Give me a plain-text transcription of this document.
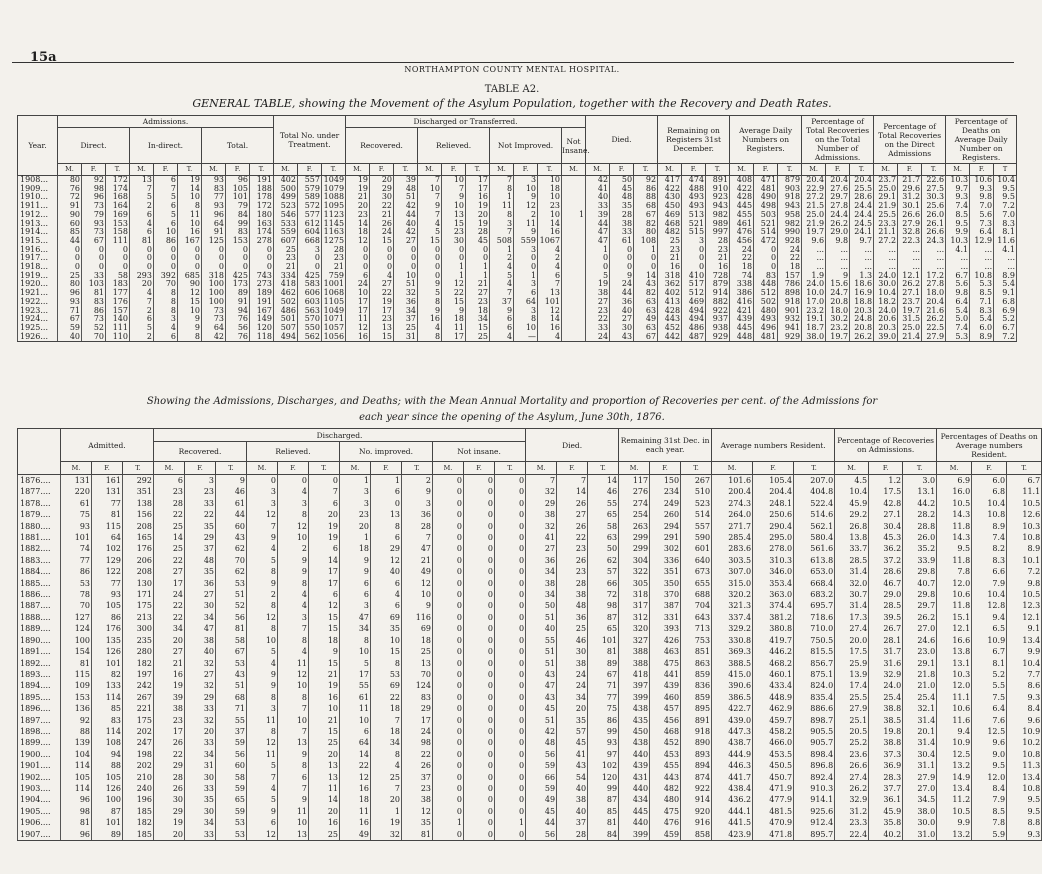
15a
NORTHAMPTON COUNTY MENTAL HOSPITAL.
TABLE A2.
GENERAL TABLE, showing the Movement of the Asylum Population, together with the Recovery and Death Rates.
Year.	Admissions.									Total No. under Treatment.			Discharged or Transferred.										Died.			Remaining on Registers 31st December.			Average Daily Numbers on Registers.			Percentage of Total Recoveries on the Total Number of Admissions.			Percentage of Total Recoveries on the Direct Admissions			Percentage of Deaths on Average Daily Number on Registers.		
	Direct.			In-direct.			Total.						Recovered.			Relieved.			Not Improved.			Not Insane.																		
	M.	F.	T.	M.	F.	T.	M.	F.	T.	M.	F.	T.	M.	F.	T.	M.	F.	T.	M.	F.	T.	M.	M.	F.	T.	M.	F.	T.	M.	F.	T.	M.	F.	T.	M.	F.	T.	M.	F.	T
1908...	80	92	172	13	6	19	93	96	191	402	557	1049	19	20	39	7	10	17	7	3	10		42	50	92	417	474	891	408	471	879	20.4	20.4	20.4	23.7	21.7	22.6	10.3	10.6	10.4
1909...	76	98	174	7	7	14	83	105	188	500	579	1079	19	29	48	10	7	17	8	10	18		41	45	86	422	488	910	422	481	903	22.9	27.6	25.5	25.0	29.6	27.5	9.7	9.3	9.5
1910...	72	96	168	5	5	10	77	101	178	499	589	1088	21	30	51	7	9	16	1	9	10		40	48	88	430	493	923	428	490	918	27.2	29.7	28.6	29.1	31.2	30.3	9.3	9.8	9.5
1911...	91	73	164	2	6	8	93	79	172	523	572	1095	20	22	42	9	10	19	11	12	23		33	35	68	450	493	943	445	498	943	21.5	27.8	24.4	21.9	30.1	25.6	7.4	7.0	7.2
1912...	90	79	169	6	5	11	96	84	180	546	577	1123	23	21	44	7	13	20	8	2	10	1	39	28	67	469	513	982	455	503	958	25.0	24.4	24.4	25.5	26.6	26.0	8.5	5.6	7.0
1913...	60	93	153	4	6	10	64	99	163	533	612	1145	14	26	40	4	15	19	3	11	14		44	38	82	468	521	989	461	521	982	21.9	26.2	24.5	23.3	27.9	26.1	9.5	7.3	8.3
1914...	85	73	158	6	10	16	91	83	174	559	604	1163	18	24	42	5	23	28	7	9	16		47	33	80	482	515	997	476	514	990	19.7	29.0	24.1	21.1	32.8	26.6	9.9	6.4	8.1
1915...	44	67	111	81	86	167	125	153	278	607	668	1275	12	15	27	15	30	45	508	559	1067		47	61	108	25	3	28	456	472	928	9.6	9.8	9.7	27.2	22.3	24.3	10.3	12.9	11.6
1916...	0	0	0	0	0	0	0	0	0	25	3	28	0	0	0	0	0	0	1	3	4		1	0	1	23	0	23	24	0	24	...	...	...	...	...	...	4.1	...	4.1
1917...	0	0	0	0	0	0	0	0	0	23	0	23	0	0	0	0	0	0	2	0	2		0	0	0	21	0	21	22	0	22	...	...	...	...	...	...	...	...	...
1918...	0	0	0	0	0	0	0	0	0	21	0	21	0	0	0	0	1	1	4	0	4		0	0	0	16	0	16	18	0	18	...	...	...	...	...	...	...	...	...
1919...	25	33	58	293	392	685	318	425	743	334	425	759	6	4	10	0	1	1	5	1	6		5	9	14	318	410	728	74	83	157	1.9	9	1.3	24.0	12.1	17.2	6.7	10.8	8.9
1920...	80	103	183	20	70	90	100	173	273	418	583	1001	24	27	51	9	12	21	4	3	7		19	24	43	362	517	879	338	448	786	24.0	15.6	18.6	30.0	26.2	27.8	5.6	5.3	5.4
1921...	96	81	177	4	8	12	100	89	189	462	606	1068	10	22	32	5	22	27	7	6	13		38	44	82	402	512	914	386	512	898	10.0	24.7	16.9	10.4	27.1	18.0	9.8	8.5	9.1
1922...	93	83	176	7	8	15	100	91	191	502	603	1105	17	19	36	8	15	23	37	64	101		27	36	63	413	469	882	416	502	918	17.0	20.8	18.8	18.2	23.7	20.4	6.4	7.1	6.8
1923...	71	86	157	2	8	10	73	94	167	486	563	1049	17	17	34	9	9	18	9	3	12		23	40	63	428	494	922	421	480	901	23.2	18.0	20.3	24.0	19.7	21.6	5.4	8.3	6.9
1924...	67	73	140	6	3	9	73	76	149	501	570	1071	11	23	37	16	18	34	6	8	14		22	27	49	443	494	937	439	493	932	19.1	30.2	24.8	20.6	31.5	26.2	5.0	5.4	5.2
1925...	59	52	111	5	4	9	64	56	120	507	550	1057	12	13	25	4	11	15	6	10	16		33	30	63	452	486	938	445	496	941	18.7	23.2	20.8	20.3	25.0	22.5	7.4	6.0	6.7
1926...	40	70	110	2	6	8	42	76	118	494	562	1056	16	15	31	8	17	25	4	—	4		24	43	67	442	487	929	448	481	929	38.0	19.7	26.2	39.0	21.4	27.9	5.3	8.9	7.2
Showing the Admissions, Discharges, and Deaths; with the Mean Annual Mortality and proportion of Recoveries per cent. of the Admissions for
each year since the opening of the Asylum, June 30th, 1876.
	Admitted.			Discharged.												Died.			Remaining 31st Dec. in each year.			Average numbers Resident.			Percentage of Recoveries on Admissions.			Percentages of Deaths on Average numbers Resident.		
				Recovered.			Relieved.			No. improved.			Not insane.																	
	M.	F.	T.	M.	F.	T.	M.	F.	T.	M.	F.	T.	M.	F.	T.	M.	F.	T.	M.	F.	T.	M.	F.	T.	M.	F.	T.	M.	F.	T.
1876....	131	161	292	6	3	9	0	0	0	1	1	2	0	0	0	7	7	14	117	150	267	101.6	105.4	207.0	4.5	1.2	3.0	6.9	6.0	6.7
1877....	220	131	351	23	23	46	3	4	7	3	6	9	0	0	0	32	14	46	276	234	510	200.4	204.4	404.8	10.4	17.5	13.1	16.0	6.8	11.1
1878....	61	77	138	28	33	61	3	3	6	3	0	3	0	0	0	29	26	55	274	249	523	274.3	248.1	522.4	45.9	42.8	44.2	10.5	10.4	10.5
1879....	75	81	156	22	22	44	12	8	20	23	13	36	0	0	0	38	27	65	254	260	514	264.0	250.6	514.6	29.2	27.1	28.2	14.3	10.8	12.6
1880....	93	115	208	25	35	60	7	12	19	20	8	28	0	0	0	32	26	58	263	294	557	271.7	290.4	562.1	26.8	30.4	28.8	11.8	8.9	10.3
1881....	101	64	165	14	29	43	9	10	19	1	6	7	0	0	0	41	22	63	299	291	590	285.4	295.0	580.4	13.8	45.3	26.0	14.3	7.4	10.8
1882....	74	102	176	25	37	62	4	2	6	18	29	47	0	0	0	27	23	50	299	302	601	283.6	278.0	561.6	33.7	36.2	35.2	9.5	8.2	8.9
1883....	77	129	206	22	48	70	5	9	14	9	12	21	0	0	0	36	26	62	304	336	640	303.5	310.3	613.8	28.5	37.2	33.9	11.8	8.3	10.1
1884....	86	122	208	27	35	62	8	9	17	9	40	49	0	0	0	34	23	57	322	351	673	307.0	346.0	653.0	31.4	28.6	29.8	7.8	6.6	7.2
1885....	53	77	130	17	36	53	9	8	17	6	6	12	0	0	0	38	28	66	305	350	655	315.0	353.4	668.4	32.0	46.7	40.7	12.0	7.9	9.8
1886....	78	93	171	24	27	51	2	4	6	6	4	10	0	0	0	34	38	72	318	370	688	320.2	363.0	683.2	30.7	29.0	29.8	10.6	10.4	10.5
1887....	70	105	175	22	30	52	8	4	12	3	6	9	0	0	0	50	48	98	317	387	704	321.3	374.4	695.7	31.4	28.5	29.7	11.8	12.8	12.3
1888....	127	86	213	22	34	56	12	3	15	47	69	116	0	0	0	51	36	87	312	331	643	337.4	381.2	718.6	17.3	39.5	26.2	15.1	9.4	12.1
1889....	124	176	300	34	47	81	8	7	15	34	35	69	0	0	0	40	25	65	320	393	713	329.2	380.8	710.0	27.4	26.7	27.0	12.1	6.5	9.1
1890....	100	135	235	20	38	58	10	8	18	8	10	18	0	0	0	55	46	101	327	426	753	330.8	419.7	750.5	20.0	28.1	24.6	16.6	10.9	13.4
1891....	154	126	280	27	40	67	5	4	9	10	15	25	0	0	0	51	30	81	388	463	851	369.3	446.2	815.5	17.5	31.7	23.0	13.8	6.7	9.9
1892....	81	101	182	21	32	53	4	11	15	5	8	13	0	0	0	51	38	89	388	475	863	388.5	468.2	856.7	25.9	31.6	29.1	13.1	8.1	10.4
1893....	115	82	197	16	27	43	9	12	21	17	53	70	0	0	0	43	24	67	418	441	859	415.0	460.1	875.1	13.9	32.9	21.8	10.3	5.2	7.7
1894....	109	133	242	19	32	51	9	10	19	55	69	124	0	0	0	47	24	71	397	439	836	390.6	433.4	824.0	17.4	24.0	21.0	12.0	5.5	8.6
1895....	153	114	267	39	29	68	8	8	16	61	22	83	0	0	0	43	34	77	399	460	859	386.5	448.9	835.4	25.5	25.4	25.4	11.1	7.5	9.3
1896....	136	85	221	38	33	71	3	7	10	11	18	29	0	0	0	45	20	75	438	457	895	422.7	462.9	886.6	27.9	38.8	32.1	10.6	6.4	8.4
1897....	92	83	175	23	32	55	11	10	21	10	7	17	0	0	0	51	35	86	435	456	891	439.0	459.7	898.7	25.1	38.5	31.4	11.6	7.6	9.6
1898....	88	114	202	17	20	37	8	7	15	6	18	24	0	0	0	42	57	99	450	468	918	447.3	458.2	905.5	20.5	19.8	20.1	9.4	12.5	10.9
1899....	139	108	247	26	33	59	12	13	25	64	34	98	0	0	0	48	45	93	438	452	890	438.7	466.0	905.7	25.2	38.8	31.4	10.9	9.6	10.2
1900....	104	94	198	22	34	56	11	9	20	14	8	22	0	0	0	56	41	97	440	453	893	444.9	453.5	898.4	23.6	37.3	30.4	12.5	9.0	10.8
1901....	114	88	202	29	31	60	5	8	13	22	4	26	0	0	0	59	43	102	439	455	894	446.3	450.5	896.8	26.6	36.9	31.1	13.2	9.5	11.3
1902....	105	105	210	28	30	58	7	6	13	12	25	37	0	0	0	66	54	120	431	443	874	441.7	450.7	892.4	27.4	28.3	27.9	14.9	12.0	13.4
1903....	114	126	240	26	33	59	4	7	11	16	7	23	0	0	0	59	40	99	440	482	922	438.4	471.9	910.3	26.2	37.7	27.0	13.4	8.4	10.8
1904....	96	100	196	30	35	65	5	9	14	18	20	38	0	0	0	49	38	87	434	480	914	436.2	477.9	914.1	32.9	36.1	34.5	11.2	7.9	9.5
1905....	98	87	185	29	30	59	9	11	20	11	1	12	0	0	0	45	40	85	445	475	920	444.1	481.5	925.6	31.2	45.9	38.0	10.5	8.5	9.5
1906....	81	101	182	19	34	53	6	10	16	16	19	35	1	0	1	44	37	81	440	476	916	441.5	470.9	912.4	23.3	35.8	30.0	9.9	7.8	8.8
1907....	96	89	185	20	33	53	12	13	25	49	32	81	0	0	0	56	28	84	399	459	858	423.9	471.8	895.7	22.4	40.2	31.0	13.2	5.9	9.3
